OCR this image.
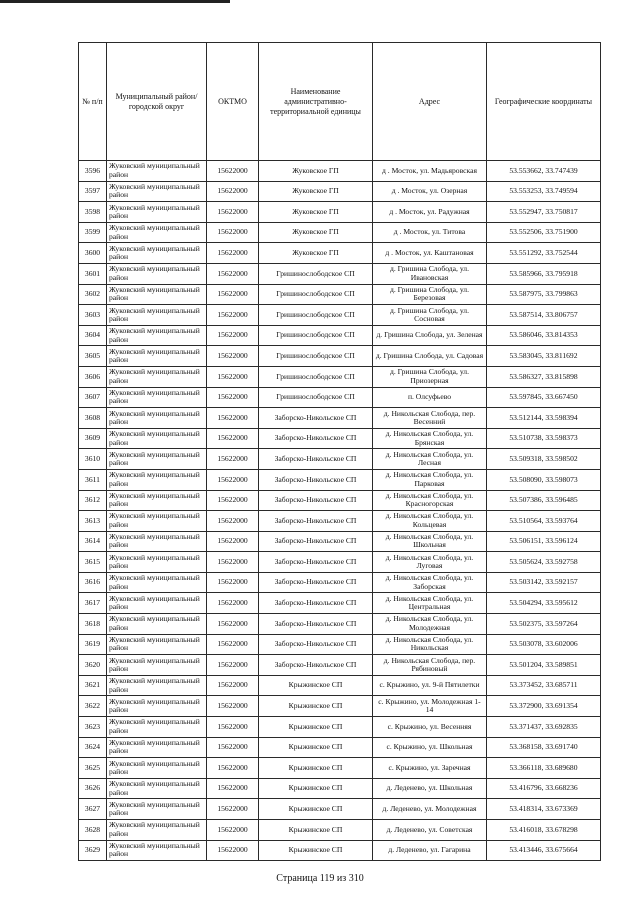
№ п/п	Муниципальный район/городской округ	ОКТМО	Наименование административно-территориальной единицы	Адрес	Географические координаты
3596	Жуковский муниципальный район	15622000	Жуковское ГП	д . Мосток, ул. Мадьяровская	53.553662, 33.747439
3597	Жуковский муниципальный район	15622000	Жуковское ГП	д . Мосток, ул. Озерная	53.553253, 33.749594
3598	Жуковский муниципальный район	15622000	Жуковское ГП	д . Мосток, ул. Радужная	53.552947, 33.750817
3599	Жуковский муниципальный район	15622000	Жуковское ГП	д . Мосток, ул. Титова	53.552506, 33.751900
3600	Жуковский муниципальный район	15622000	Жуковское ГП	д . Мосток, ул. Каштановая	53.551292, 33.752544
3601	Жуковский муниципальный район	15622000	Гришинослободское СП	д. Гришина Слобода, ул. Ивановская	53.585966, 33.795918
3602	Жуковский муниципальный район	15622000	Гришинослободское СП	д. Гришина Слобода, ул. Березовая	53.587975, 33.799863
3603	Жуковский муниципальный район	15622000	Гришинослободское СП	д. Гришина Слобода, ул. Сосновая	53.587514, 33.806757
3604	Жуковский муниципальный район	15622000	Гришинослободское СП	д. Гришина Слобода, ул. Зеленая	53.586046, 33.814353
3605	Жуковский муниципальный район	15622000	Гришинослободское СП	д. Гришина Слобода, ул. Садовая	53.583045, 33.811692
3606	Жуковский муниципальный район	15622000	Гришинослободское СП	д. Гришина Слобода, ул. Приозерная	53.586327, 33.815898
3607	Жуковский муниципальный район	15622000	Гришинослободское СП	п. Олсуфьево	53.597845, 33.667450
3608	Жуковский муниципальный район	15622000	Заборско-Никольское СП	д. Никольская Слобода, пер. Весенний	53.512144, 33.598394
3609	Жуковский муниципальный район	15622000	Заборско-Никольское СП	д. Никольская Слобода, ул. Брянская	53.510738, 33.598373
3610	Жуковский муниципальный район	15622000	Заборско-Никольское СП	д. Никольская Слобода, ул. Лесная	53.509318, 33.598502
3611	Жуковский муниципальный район	15622000	Заборско-Никольское СП	д. Никольская Слобода, ул. Парковая	53.508090, 33.598073
3612	Жуковский муниципальный район	15622000	Заборско-Никольское СП	д. Никольская Слобода, ул. Красногорская	53.507386, 33.596485
3613	Жуковский муниципальный район	15622000	Заборско-Никольское СП	д. Никольская Слобода, ул. Кольцевая	53.510564, 33.593764
3614	Жуковский муниципальный район	15622000	Заборско-Никольское СП	д. Никольская Слобода, ул. Школьная	53.506151, 33.596124
3615	Жуковский муниципальный район	15622000	Заборско-Никольское СП	д. Никольская Слобода, ул. Луговая	53.505624, 33.592758
3616	Жуковский муниципальный район	15622000	Заборско-Никольское СП	д. Никольская Слобода, ул. Заборская	53.503142, 33.592157
3617	Жуковский муниципальный район	15622000	Заборско-Никольское СП	д. Никольская Слобода, ул. Центральная	53.504294, 33.595612
3618	Жуковский муниципальный район	15622000	Заборско-Никольское СП	д. Никольская Слобода, ул. Молодежная	53.502375, 33.597264
3619	Жуковский муниципальный район	15622000	Заборско-Никольское СП	д. Никольская Слобода, ул. Никольская	53.503078, 33.602006
3620	Жуковский муниципальный район	15622000	Заборско-Никольское СП	д. Никольская Слобода, пер. Рябиновый	53.501204, 33.589851
3621	Жуковский муниципальный район	15622000	Крыжинское СП	с. Крыжино, ул. 9-й Пятилетки	53.373452, 33.685711
3622	Жуковский муниципальный район	15622000	Крыжинское СП	с. Крыжино, ул. Молодежная 1-14	53.372900, 33.691354
3623	Жуковский муниципальный район	15622000	Крыжинское СП	с. Крыжино, ул. Весенняя	53.371437, 33.692835
3624	Жуковский муниципальный район	15622000	Крыжинское СП	с. Крыжино, ул. Школьная	53.368158, 33.691740
3625	Жуковский муниципальный район	15622000	Крыжинское СП	с. Крыжино, ул. Заречная	53.366118, 33.689680
3626	Жуковский муниципальный район	15622000	Крыжинское СП	д. Леденево, ул. Школьная	53.416796, 33.668236
3627	Жуковский муниципальный район	15622000	Крыжинское СП	д. Леденево, ул. Молодежная	53.418314, 33.673369
3628	Жуковский муниципальный район	15622000	Крыжинское СП	д. Леденево, ул. Советская	53.416018, 33.678298
3629	Жуковский муниципальный район	15622000	Крыжинское СП	д. Леденево, ул. Гагарина	53.413446, 33.675664
Страница 119 из 310
